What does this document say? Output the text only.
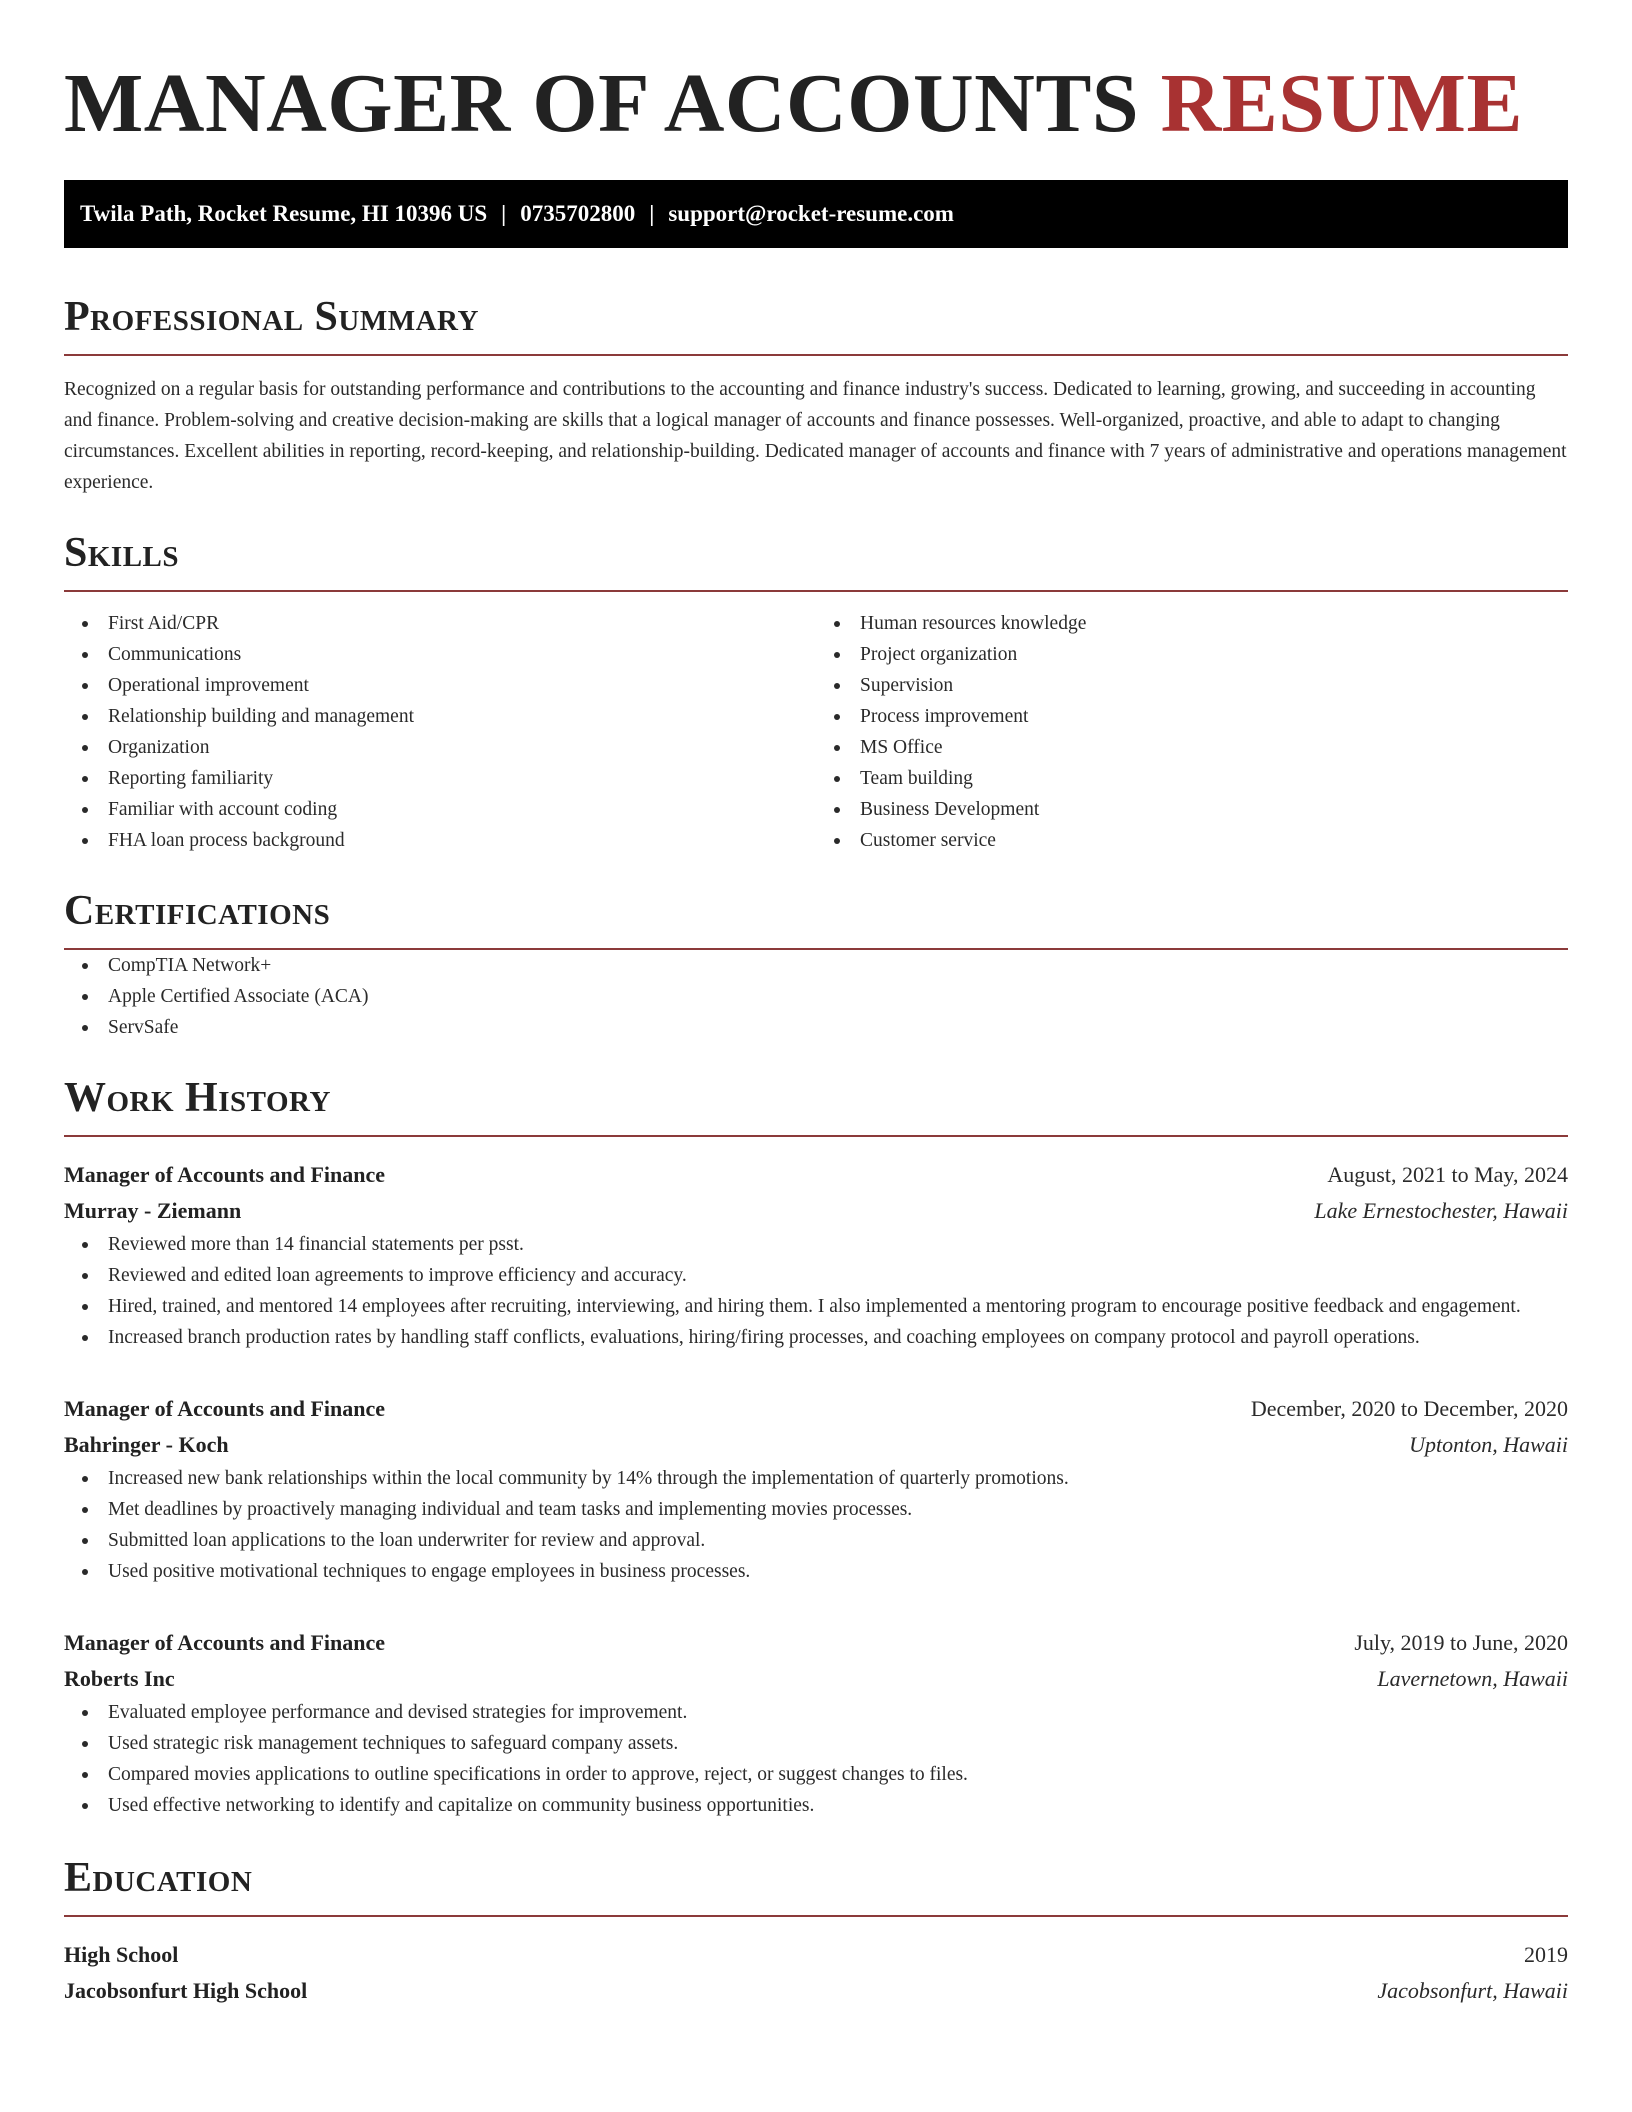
MANAGER OF ACCOUNTS RESUME
Twila Path, Rocket Resume, HI 10396 US | 0735702800 | support@rocket-resume.com
Professional Summary

Recognized on a regular basis for outstanding performance and contributions to the accounting and finance industry's success. Dedicated to learning, growing, and succeeding in accounting and finance. Problem-solving and creative decision-making are skills that a logical manager of accounts and finance possesses. Well-organized, proactive, and able to adapt to changing circumstances. Excellent abilities in reporting, record-keeping, and relationship-building. Dedicated manager of accounts and finance with 7 years of administrative and operations management experience.

Skills
First Aid/CPR
Communications
Operational improvement
Relationship building and management
Organization
Reporting familiarity
Familiar with account coding
FHA loan process background
Human resources knowledge
Project organization
Supervision
Process improvement
MS Office
Team building
Business Development
Customer service
Certifications
CompTIA Network+
Apple Certified Associate (ACA)
ServSafe
Work History
Manager of Accounts and Finance	August, 2021 to May, 2024
Murray - Ziemann	Lake Ernestochester, Hawaii
Reviewed more than 14 financial statements per psst.
Reviewed and edited loan agreements to improve efficiency and accuracy.
Hired, trained, and mentored 14 employees after recruiting, interviewing, and hiring them. I also implemented a mentoring program to encourage positive feedback and engagement.
Increased branch production rates by handling staff conflicts, evaluations, hiring/firing processes, and coaching employees on company protocol and payroll operations.
Manager of Accounts and Finance	December, 2020 to December, 2020
Bahringer - Koch	Uptonton, Hawaii
Increased new bank relationships within the local community by 14% through the implementation of quarterly promotions.
Met deadlines by proactively managing individual and team tasks and implementing movies processes.
Submitted loan applications to the loan underwriter for review and approval.
Used positive motivational techniques to engage employees in business processes.
Manager of Accounts and Finance	July, 2019 to June, 2020
Roberts Inc	Lavernetown, Hawaii
Evaluated employee performance and devised strategies for improvement.
Used strategic risk management techniques to safeguard company assets.
Compared movies applications to outline specifications in order to approve, reject, or suggest changes to files.
Used effective networking to identify and capitalize on community business opportunities.
Education
High School	2019
Jacobsonfurt High School	Jacobsonfurt, Hawaii
